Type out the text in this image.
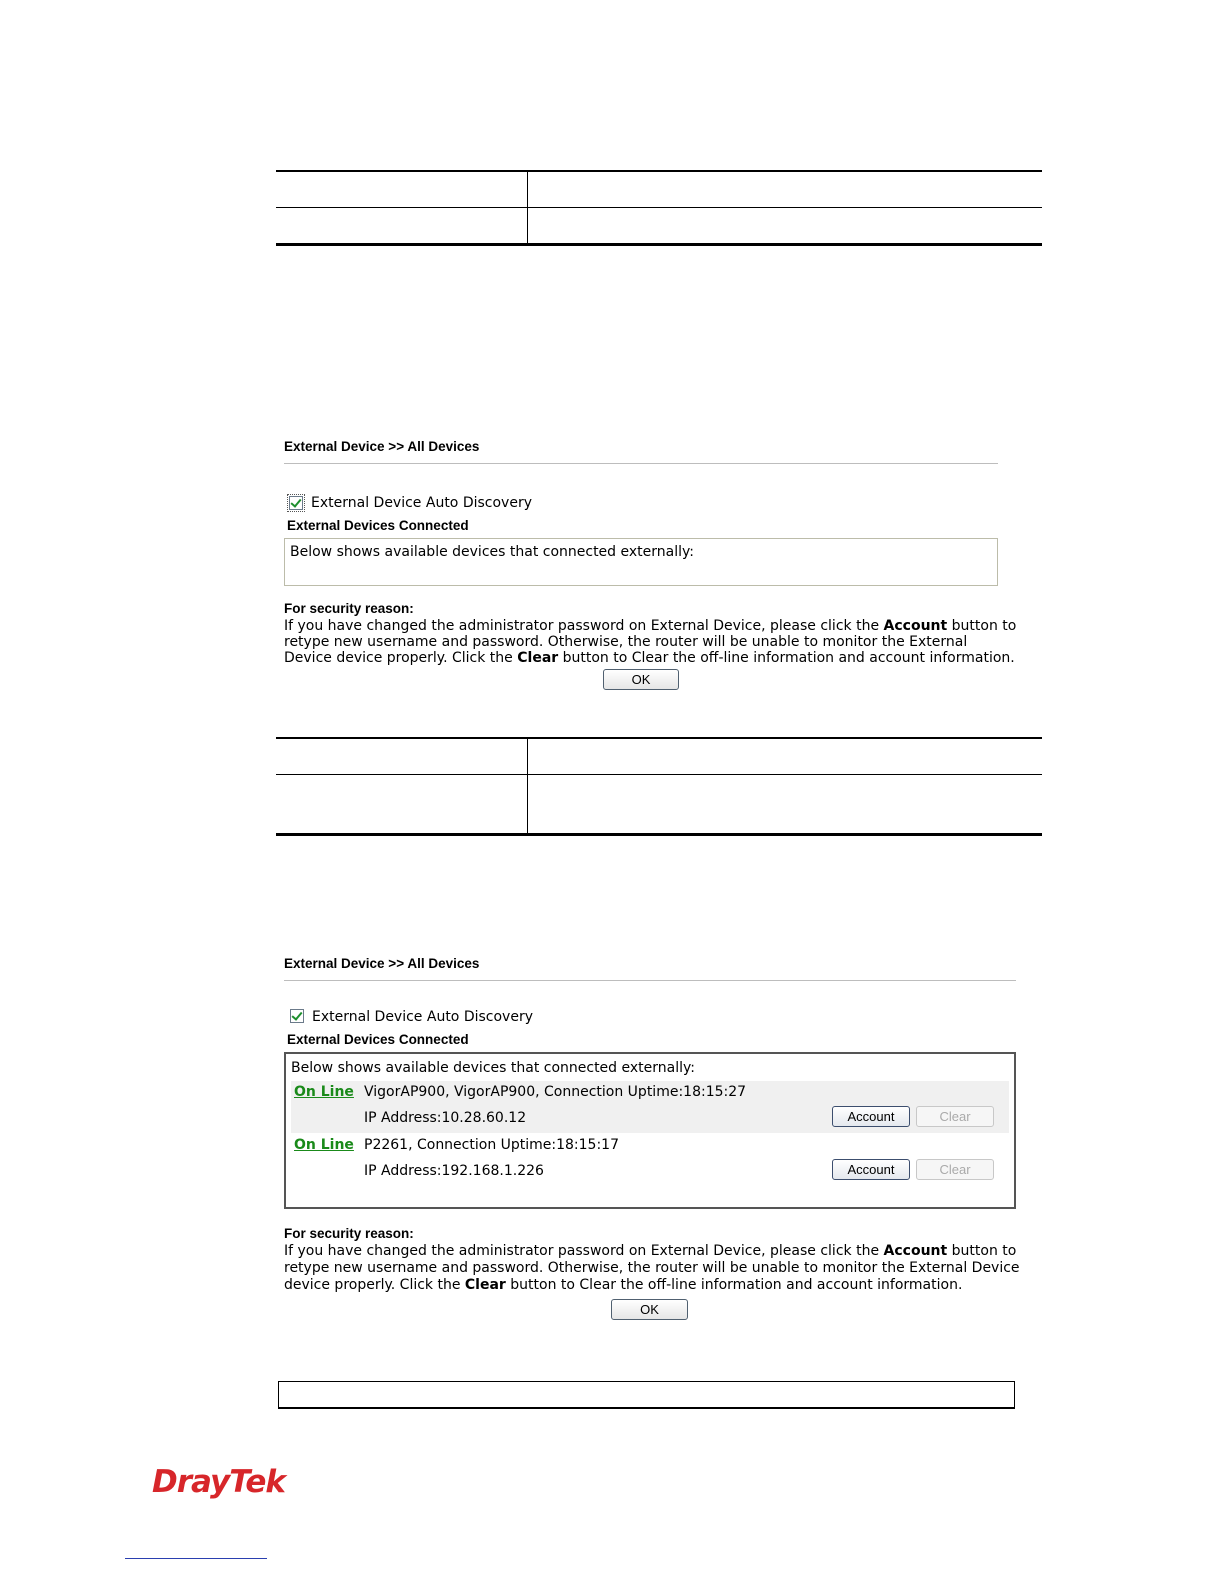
External Device >> All Devices
External Device Auto Discovery
External Devices Connected
Below shows available devices that connected externally:
For security reason:
If you have changed the administrator password on External Device, please click the Account button to
retype new username and password. Otherwise, the router will be unable to monitor the External
Device device properly. Click the Clear button to Clear the off-line information and account information.
OK

External Device >> All Devices
External Device Auto Discovery
External Devices Connected
Below shows available devices that connected externally:
On Line VigorAP900, VigorAP900, Connection Uptime:18:15:27
IP Address:10.28.60.12	Account	Clear
On Line P2261, Connection Uptime:18:15:17
IP Address:192.168.1.226	Account	Clear
For security reason:
If you have changed the administrator password on External Device, please click the Account button to
retype new username and password. Otherwise, the router will be unable to monitor the External Device
device properly. Click the Clear button to Clear the off-line information and account information.
OK
DrayTek
